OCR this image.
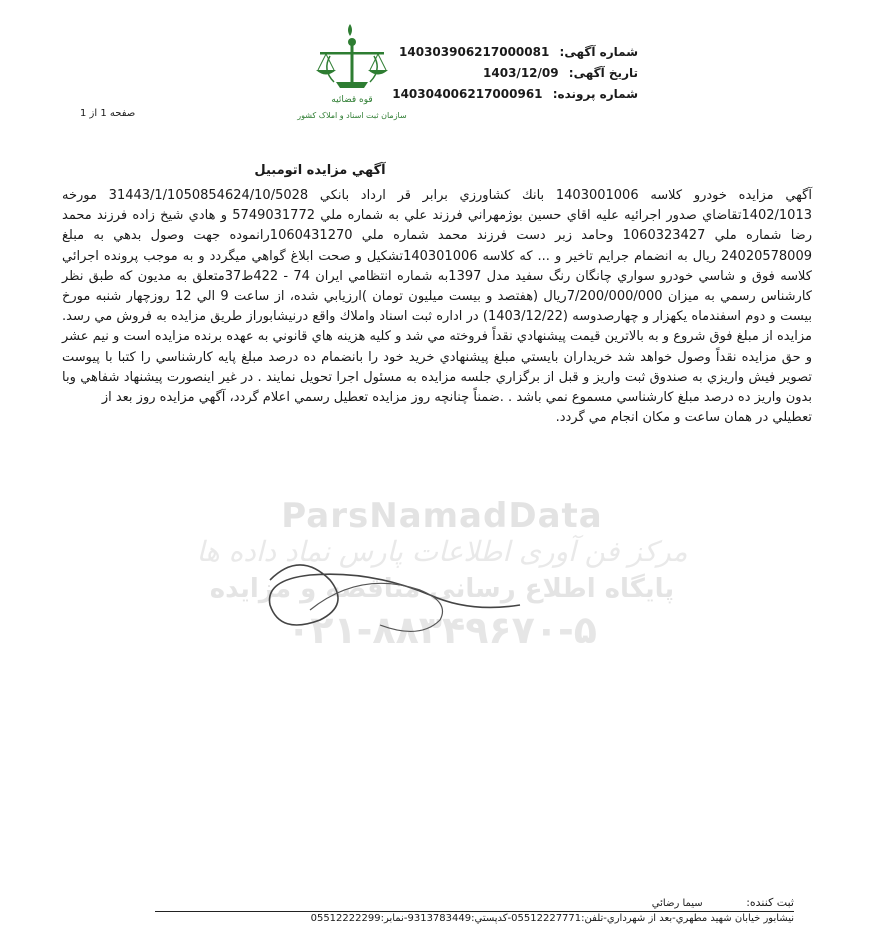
قوه قضائیه
سازمان ثبت اسناد و املاک کشور
شماره آگهی: 140303906217000081
تاریخ آگهی: 1403/12/09
شماره پرونده: 140304006217000961
صفحه 1 از 1
آگهي مزايده اتومبيل

آگهي مزايده خودرو كلاسه 1403001006 بانك كشاورزي برابر قر ارداد بانكي 31443/1/1050854624/10/5028 مورخه 1402/1013تقاضاي صدور اجرائيه عليه اقاي حسين بوژمهراني فرزند علي به شماره ملي 5749031772 و هادي شيخ زاده فرزند محمد رضا شماره ملي 1060323427 وحامد زبر دست فرزند محمد شماره ملي 1060431270رانموده جهت وصول بدهي به مبلغ 24020578009 ريال به انضمام جرايم تاخير و ... كه كلاسه 140301006تشكيل و صحت ابلاغ گواهي ميگردد و به موجب پرونده اجرائي كلاسه فوق و شاسي خودرو سواري چانگان رنگ سفيد مدل 1397به شماره انتظامي ايران 74 - 422ط37متعلق به مديون كه طبق نظر كارشناس رسمي به ميزان 7/200/000/000ريال (هفتصد و بيست ميليون تومان )ارزيابي شده، از ساعت 9 الي 12 روزچهار شنبه مورخ بيست و دوم اسفندماه يكهزار و چهارصدوسه (1403/12/22) در اداره ثبت اسناد واملاك واقع درنيشابوراز طريق مزايده به فروش مي رسد. مزايده از مبلغ فوق شروع و به بالاترين قيمت پيشنهادي نقداً فروخته مي شد و كليه هزينه هاي قانوني به عهده برنده مزايده است و نيم عشر و حق مزايده نقداً وصول خواهد شد خريداران بايستي مبلغ پيشنهادي خريد خود را بانضمام ده درصد مبلغ پايه كارشناسي را كتبا با پيوست تصوير فيش واريزي به صندوق ثبت واريز و قبل از برگزاري جلسه مزايده به مسئول اجرا تحويل نمايند . در غير اينصورت پيشنهاد شفاهي وبا بدون واريز ده درصد مبلغ كارشناسي مسموع نمي باشد . .ضمناً چنانچه روز مزايده تعطيل رسمي اعلام گردد، آگهي مزايده روز بعد از

تعطيلي در همان ساعت و مكان انجام مي گردد.

ParsNamadData
مرکز فن آوری اطلاعات پارس نماد داده ها
پایگاه اطلاع رسانی مناقصه و مزایده
۰۲۱-۸۸۳۴۹۶۷۰-۵
ثبت كننده: سيما رضائي
نيشابور خيابان شهيد مطهري-بعد از شهرداري-تلفن:05512227771-كدپستي:9313783449-نمابر:05512222299
